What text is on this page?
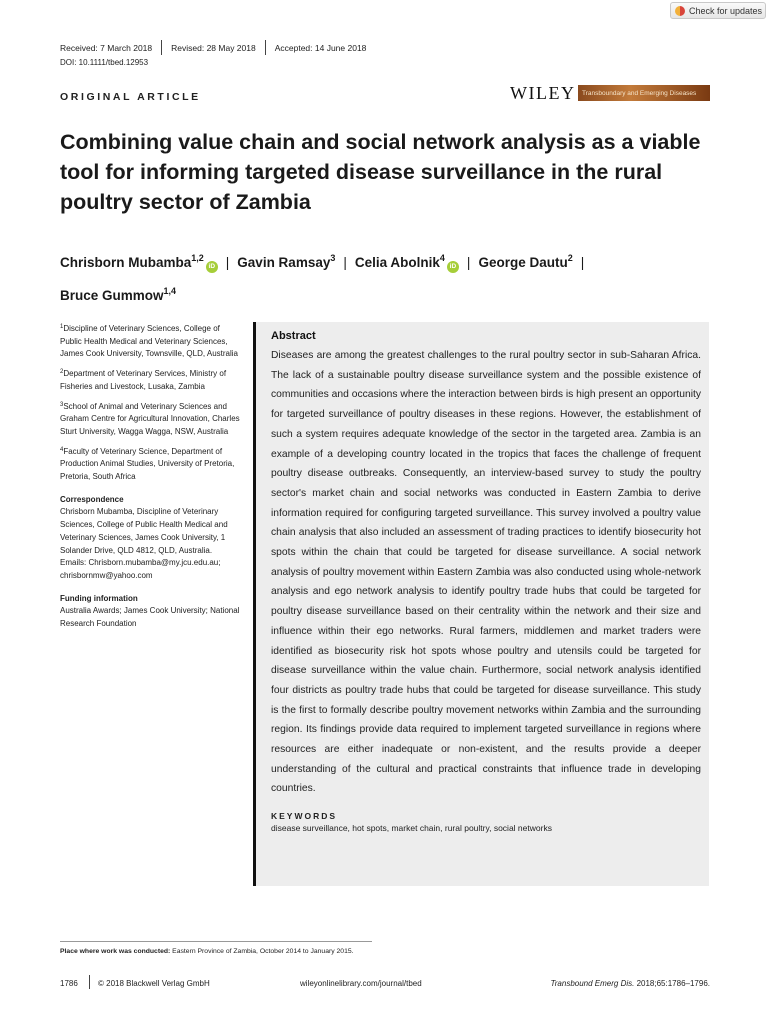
Check for updates
Received: 7 March 2018 Revised: 28 May 2018 Accepted: 14 June 2018
DOI: 10.1111/tbed.12953
ORIGINAL ARTICLE	WILEY	Transboundary and Emerging Diseases
Combining value chain and social network analysis as a viable tool for informing targeted disease surveillance in the rural poultry sector of Zambia
Chrisborn Mubamba$^{1,2}$iD | Gavin Ramsay$^3$ | Celia Abolnik$^4$iD | George Dautu$^2$ |
Bruce Gummow$^{1,4}$
$^1$Discipline of Veterinary Sciences, College of Public Health Medical and Veterinary Sciences, James Cook University, Townsville, QLD, Australia
$^2$Department of Veterinary Services, Ministry of Fisheries and Livestock, Lusaka, Zambia
$^3$School of Animal and Veterinary Sciences and Graham Centre for Agricultural Innovation, Charles Sturt University, Wagga Wagga, NSW, Australia
$^4$Faculty of Veterinary Science, Department of Production Animal Studies, University of Pretoria, Pretoria, South Africa
Correspondence
Chrisborn Mubamba, Discipline of Veterinary Sciences, College of Public Health Medical and Veterinary Sciences, James Cook University, 1 Solander Drive, QLD 4812, QLD, Australia.
Emails: Chrisborn.mubamba@my.jcu.edu.au; chrisbornmw@yahoo.com
Funding information
Australia Awards; James Cook University; National Research Foundation
Abstract

Diseases are among the greatest challenges to the rural poultry sector in sub-Saharan Africa. The lack of a sustainable poultry disease surveillance system and the possible existence of communities and occasions where the interaction between birds is high present an opportunity for targeted surveillance of poultry diseases in these regions. However, the establishment of such a system requires adequate knowledge of the sector in the targeted area. Zambia is an example of a developing country located in the tropics that faces the challenge of frequent poultry disease outbreaks. Consequently, an interview-based survey to study the poultry sector's market chain and social networks was conducted in Eastern Zambia to derive information required for configuring targeted surveillance. This survey involved a poultry value chain analysis that also included an assessment of trading practices to identify biosecurity hot spots within the chain that could be targeted for disease surveillance. A social network analysis of poultry movement within Eastern Zambia was also conducted using whole-network analysis and ego network analysis to identify poultry trade hubs that could be targeted for poultry disease surveillance based on their centrality within the network and their size and influence within their ego networks. Rural farmers, middlemen and market traders were identified as biosecurity risk hot spots whose poultry and utensils could be targeted for disease surveillance within the value chain. Furthermore, social network analysis identified four districts as poultry trade hubs that could be targeted for disease surveillance. This study is the first to formally describe poultry movement networks within Zambia and the surrounding region. Its findings provide data required to implement targeted surveillance in regions where resources are either inadequate or non-existent, and the results provide a deeper understanding of the cultural and practical constraints that influence trade in developing countries.

KEYWORDS
disease surveillance, hot spots, market chain, rural poultry, social networks
Place where work was conducted: Eastern Province of Zambia, October 2014 to January 2015.
1786	© 2018 Blackwell Verlag GmbH	wileyonlinelibrary.com/journal/tbed	Transbound Emerg Dis. 2018;65:1786–1796.
